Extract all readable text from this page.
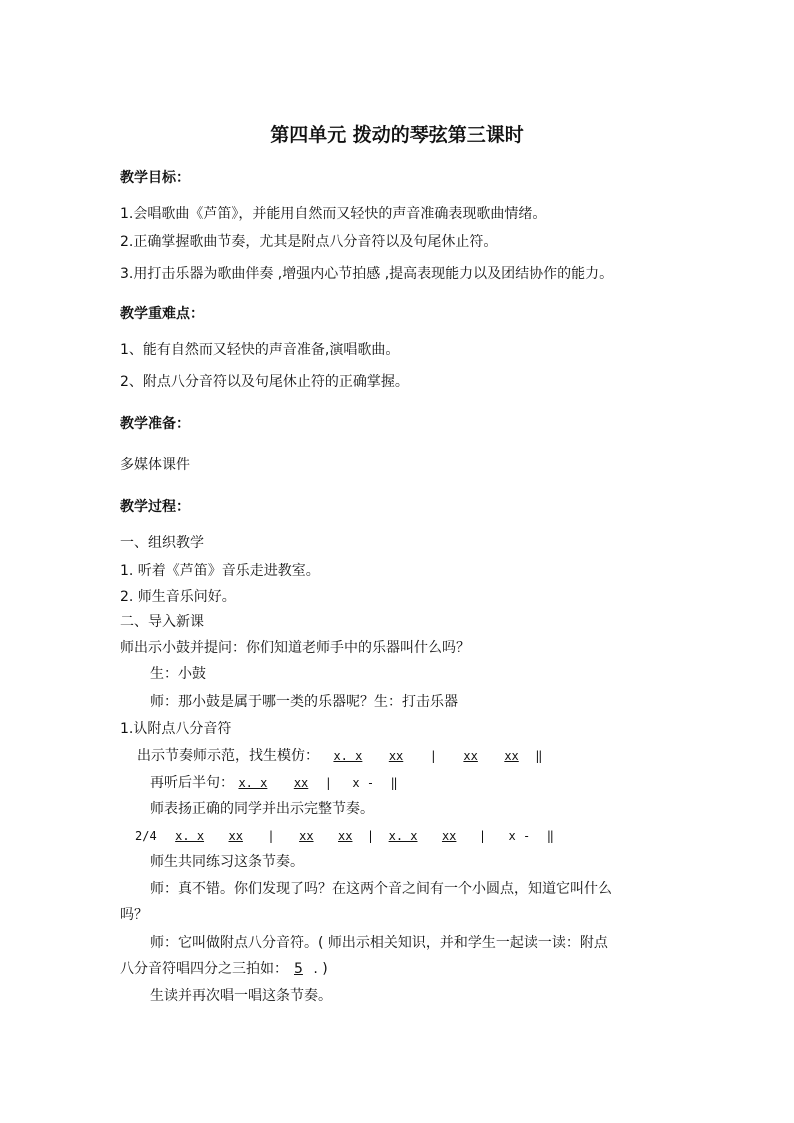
第四单元 拨动的琴弦第三课时
教学目标：
1.会唱歌曲《芦笛》，并能用自然而又轻快的声音准确表现歌曲情绪。
2.正确掌握歌曲节奏，尤其是附点八分音符以及句尾休止符。
3.用打击乐器为歌曲伴奏 ,增强内心节拍感 ,提高表现能力以及团结协作的能力。
教学重难点：
1、能有自然而又轻快的声音准备,演唱歌曲。
2、附点八分音符以及句尾休止符的正确掌握。
教学准备：
多媒体课件
教学过程：
一、组织教学
1. 听着《芦笛》音乐走进教室。
2. 师生音乐问好。
二、导入新课
师出示小鼓并提问：你们知道老师手中的乐器叫什么吗？
生：小鼓
师：那小鼓是属于哪一类的乐器呢？生：打击乐器
1.认附点八分音符
出示节奏师示范，找生模仿： x. x xx | xx xx ‖
再听后半句： x. x xx | x - ‖
师表扬正确的同学并出示完整节奏。
2/4 x. x xx | xx xx | x. x xx | x - ‖
师生共同练习这条节奏。
师：真不错。你们发现了吗？在这两个音之间有一个小圆点，知道它叫什么
吗？
师：它叫做附点八分音符。( 师出示相关知识，并和学生一起读一读：附点
八分音符唱四分之三拍如： 5 . )
生读并再次唱一唱这条节奏。
